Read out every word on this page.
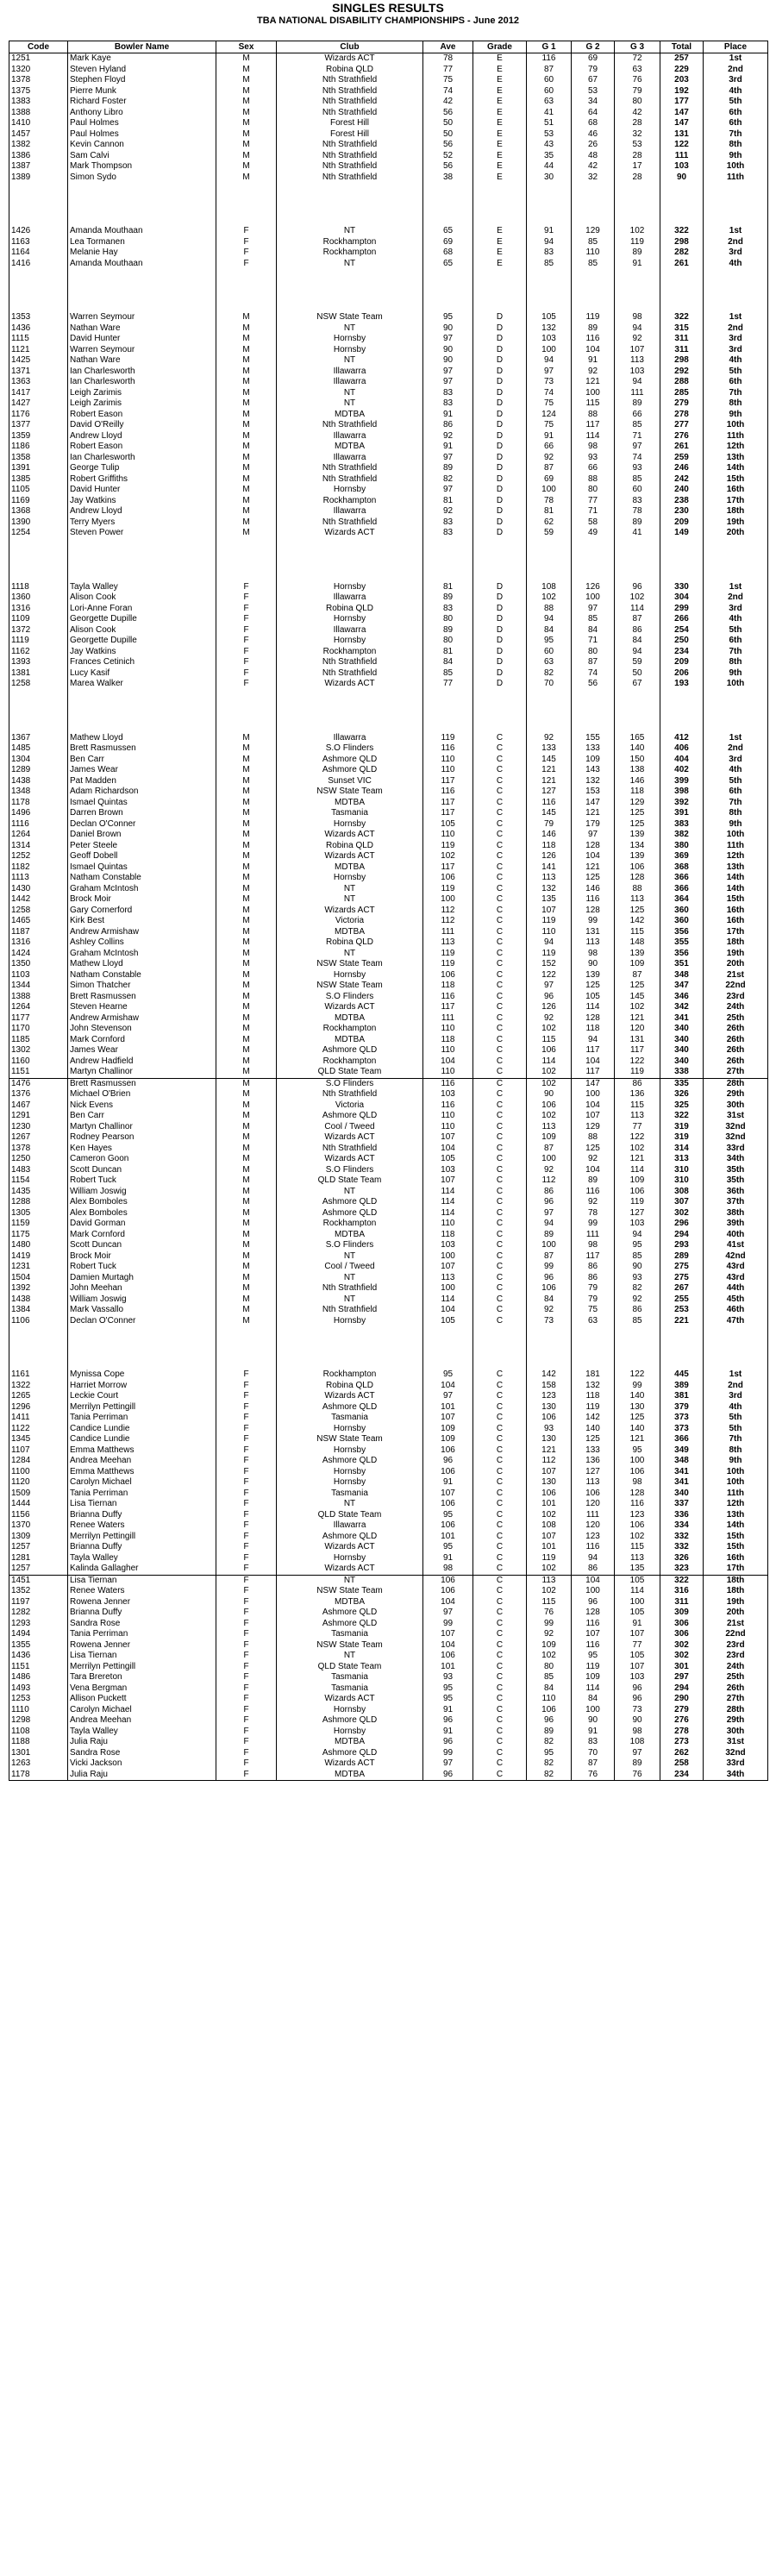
SINGLES RESULTS
TBA NATIONAL DISABILITY CHAMPIONSHIPS - June 2012
Code	Bowler Name	Sex	Club	Ave	Grade	G 1	G 2	G 3	Total	Place
1251	Mark Kaye	M	Wizards ACT	78	E	116	69	72	257	1st
1320	Steven Hyland	M	Robina QLD	77	E	87	79	63	229	2nd
1378	Stephen Floyd	M	Nth Strathfield	75	E	60	67	76	203	3rd
1375	Pierre Munk	M	Nth Strathfield	74	E	60	53	79	192	4th
1383	Richard Foster	M	Nth Strathfield	42	E	63	34	80	177	5th
1388	Anthony Libro	M	Nth Strathfield	56	E	41	64	42	147	6th
1410	Paul Holmes	M	Forest Hill	50	E	51	68	28	147	6th
1457	Paul Holmes	M	Forest Hill	50	E	53	46	32	131	7th
1382	Kevin Cannon	M	Nth Strathfield	56	E	43	26	53	122	8th
1386	Sam Calvi	M	Nth Strathfield	52	E	35	48	28	111	9th
1387	Mark Thompson	M	Nth Strathfield	56	E	44	42	17	103	10th
1389	Simon Sydo	M	Nth Strathfield	38	E	30	32	28	90	11th

1426	Amanda Mouthaan	F	NT	65	E	91	129	102	322	1st
1163	Lea Tormanen	F	Rockhampton	69	E	94	85	119	298	2nd
1164	Melanie Hay	F	Rockhampton	68	E	83	110	89	282	3rd
1416	Amanda Mouthaan	F	NT	65	E	85	85	91	261	4th

1353	Warren Seymour	M	NSW State Team	95	D	105	119	98	322	1st
1436	Nathan Ware	M	NT	90	D	132	89	94	315	2nd
1115	David Hunter	M	Hornsby	97	D	103	116	92	311	3rd
1121	Warren Seymour	M	Hornsby	90	D	100	104	107	311	3rd
1425	Nathan Ware	M	NT	90	D	94	91	113	298	4th
1371	Ian Charlesworth	M	Illawarra	97	D	97	92	103	292	5th
1363	Ian Charlesworth	M	Illawarra	97	D	73	121	94	288	6th
1417	Leigh Zarimis	M	NT	83	D	74	100	111	285	7th
1427	Leigh Zarimis	M	NT	83	D	75	115	89	279	8th
1176	Robert Eason	M	MDTBA	91	D	124	88	66	278	9th
1377	David O'Reilly	M	Nth Strathfield	86	D	75	117	85	277	10th
1359	Andrew Lloyd	M	Illawarra	92	D	91	114	71	276	11th
1186	Robert Eason	M	MDTBA	91	D	66	98	97	261	12th
1358	Ian Charlesworth	M	Illawarra	97	D	92	93	74	259	13th
1391	George Tulip	M	Nth Strathfield	89	D	87	66	93	246	14th
1385	Robert Griffiths	M	Nth Strathfield	82	D	69	88	85	242	15th
1105	David Hunter	M	Hornsby	97	D	100	80	60	240	16th
1169	Jay Watkins	M	Rockhampton	81	D	78	77	83	238	17th
1368	Andrew Lloyd	M	Illawarra	92	D	81	71	78	230	18th
1390	Terry Myers	M	Nth Strathfield	83	D	62	58	89	209	19th
1254	Steven Power	M	Wizards ACT	83	D	59	49	41	149	20th

1118	Tayla Walley	F	Hornsby	81	D	108	126	96	330	1st
1360	Alison Cook	F	Illawarra	89	D	102	100	102	304	2nd
1316	Lori-Anne Foran	F	Robina QLD	83	D	88	97	114	299	3rd
1109	Georgette Dupille	F	Hornsby	80	D	94	85	87	266	4th
1372	Alison Cook	F	Illawarra	89	D	84	84	86	254	5th
1119	Georgette Dupille	F	Hornsby	80	D	95	71	84	250	6th
1162	Jay Watkins	F	Rockhampton	81	D	60	80	94	234	7th
1393	Frances Cetinich	F	Nth Strathfield	84	D	63	87	59	209	8th
1381	Lucy Kasif	F	Nth Strathfield	85	D	82	74	50	206	9th
1258	Marea Walker	F	Wizards ACT	77	D	70	56	67	193	10th

1367	Mathew Lloyd	M	Illawarra	119	C	92	155	165	412	1st
1485	Brett Rasmussen	M	S.O Flinders	116	C	133	133	140	406	2nd
1304	Ben Carr	M	Ashmore QLD	110	C	145	109	150	404	3rd
1289	James Wear	M	Ashmore QLD	110	C	121	143	138	402	4th
1438	Pat Madden	M	Sunset VIC	117	C	121	132	146	399	5th
1348	Adam Richardson	M	NSW State Team	116	C	127	153	118	398	6th
1178	Ismael Quintas	M	MDTBA	117	C	116	147	129	392	7th
1496	Darren Brown	M	Tasmania	117	C	145	121	125	391	8th
1116	Declan O'Conner	M	Hornsby	105	C	79	179	125	383	9th
1264	Daniel Brown	M	Wizards ACT	110	C	146	97	139	382	10th
1314	Peter Steele	M	Robina QLD	119	C	118	128	134	380	11th
1252	Geoff Dobell	M	Wizards ACT	102	C	126	104	139	369	12th
1182	Ismael Quintas	M	MDTBA	117	C	141	121	106	368	13th
1113	Natham Constable	M	Hornsby	106	C	113	125	128	366	14th
1430	Graham McIntosh	M	NT	119	C	132	146	88	366	14th
1442	Brock Moir	M	NT	100	C	135	116	113	364	15th
1258	Gary Cornerford	M	Wizards ACT	112	C	107	128	125	360	16th
1465	Kirk Best	M	Victoria	112	C	119	99	142	360	16th
1187	Andrew Armishaw	M	MDTBA	111	C	110	131	115	356	17th
1316	Ashley Collins	M	Robina QLD	113	C	94	113	148	355	18th
1424	Graham McIntosh	M	NT	119	C	119	98	139	356	19th
1350	Mathew Lloyd	M	NSW State Team	119	C	152	90	109	351	20th
1103	Natham Constable	M	Hornsby	106	C	122	139	87	348	21st
1344	Simon Thatcher	M	NSW State Team	118	C	97	125	125	347	22nd
1388	Brett Rasmussen	M	S.O Flinders	116	C	96	105	145	346	23rd
1264	Steven Hearne	M	Wizards ACT	117	C	126	114	102	342	24th
1177	Andrew Armishaw	M	MDTBA	111	C	92	128	121	341	25th
1170	John Stevenson	M	Rockhampton	110	C	102	118	120	340	26th
1185	Mark Cornford	M	MDTBA	118	C	115	94	131	340	26th
1302	James Wear	M	Ashmore QLD	110	C	106	117	117	340	26th
1160	Andrew Hadfield	M	Rockhampton	104	C	114	104	122	340	26th
1151	Martyn Challinor	M	QLD State Team	110	C	102	117	119	338	27th
1476	Brett Rasmussen	M	S.O Flinders	116	C	102	147	86	335	28th
1376	Michael O'Brien	M	Nth Strathfield	103	C	90	100	136	326	29th
1467	Nick Evens	M	Victoria	116	C	106	104	115	325	30th
1291	Ben Carr	M	Ashmore QLD	110	C	102	107	113	322	31st
1230	Martyn Challinor	M	Cool / Tweed	110	C	113	129	77	319	32nd
1267	Rodney Pearson	M	Wizards ACT	107	C	109	88	122	319	32nd
1378	Ken Hayes	M	Nth Strathfield	104	C	87	125	102	314	33rd
1250	Cameron Goon	M	Wizards ACT	105	C	100	92	121	313	34th
1483	Scott Duncan	M	S.O Flinders	103	C	92	104	114	310	35th
1154	Robert Tuck	M	QLD State Team	107	C	112	89	109	310	35th
1435	William Joswig	M	NT	114	C	86	116	106	308	36th
1288	Alex Bomboles	M	Ashmore QLD	114	C	96	92	119	307	37th
1305	Alex Bomboles	M	Ashmore QLD	114	C	97	78	127	302	38th
1159	David Gorman	M	Rockhampton	110	C	94	99	103	296	39th
1175	Mark Cornford	M	MDTBA	118	C	89	111	94	294	40th
1480	Scott Duncan	M	S.O Flinders	103	C	100	98	95	293	41st
1419	Brock Moir	M	NT	100	C	87	117	85	289	42nd
1231	Robert Tuck	M	Cool / Tweed	107	C	99	86	90	275	43rd
1504	Damien Murtagh	M	NT	113	C	96	86	93	275	43rd
1392	John Meehan	M	Nth Strathfield	100	C	106	79	82	267	44th
1438	William Joswig	M	NT	114	C	84	79	92	255	45th
1384	Mark Vassallo	M	Nth Strathfield	104	C	92	75	86	253	46th
1106	Declan O'Conner	M	Hornsby	105	C	73	63	85	221	47th

1161	Mynissa Cope	F	Rockhampton	95	C	142	181	122	445	1st
1322	Harriet Morrow	F	Robina QLD	104	C	158	132	99	389	2nd
1265	Leckie Court	F	Wizards ACT	97	C	123	118	140	381	3rd
1296	Merrilyn Pettingill	F	Ashmore QLD	101	C	130	119	130	379	4th
1411	Tania Perriman	F	Tasmania	107	C	106	142	125	373	5th
1122	Candice Lundie	F	Hornsby	109	C	93	140	140	373	5th
1345	Candice Lundie	F	NSW State Team	109	C	130	125	121	366	7th
1107	Emma Matthews	F	Hornsby	106	C	121	133	95	349	8th
1284	Andrea Meehan	F	Ashmore QLD	96	C	112	136	100	348	9th
1100	Emma Matthews	F	Hornsby	106	C	107	127	106	341	10th
1120	Carolyn Michael	F	Hornsby	91	C	130	113	98	341	10th
1509	Tania Perriman	F	Tasmania	107	C	106	106	128	340	11th
1444	Lisa Tiernan	F	NT	106	C	101	120	116	337	12th
1156	Brianna Duffy	F	QLD State Team	95	C	102	111	123	336	13th
1370	Renee Waters	F	Illawarra	106	C	108	120	106	334	14th
1309	Merrilyn Pettingill	F	Ashmore QLD	101	C	107	123	102	332	15th
1257	Brianna Duffy	F	Wizards ACT	95	C	101	116	115	332	15th
1281	Tayla Walley	F	Hornsby	91	C	119	94	113	326	16th
1257	Kalinda Gallagher	F	Wizards ACT	98	C	102	86	135	323	17th
1451	Lisa Tiernan	F	NT	106	C	113	104	105	322	18th
1352	Renee Waters	F	NSW State Team	106	C	102	100	114	316	18th
1197	Rowena Jenner	F	MDTBA	104	C	115	96	100	311	19th
1282	Brianna Duffy	F	Ashmore QLD	97	C	76	128	105	309	20th
1293	Sandra Rose	F	Ashmore QLD	99	C	99	116	91	306	21st
1494	Tania Perriman	F	Tasmania	107	C	92	107	107	306	22nd
1355	Rowena Jenner	F	NSW State Team	104	C	109	116	77	302	23rd
1436	Lisa Tiernan	F	NT	106	C	102	95	105	302	23rd
1151	Merrilyn Pettingill	F	QLD State Team	101	C	80	119	107	301	24th
1486	Tara Brereton	F	Tasmania	93	C	85	109	103	297	25th
1493	Vena Bergman	F	Tasmania	95	C	84	114	96	294	26th
1253	Allison Puckett	F	Wizards ACT	95	C	110	84	96	290	27th
1110	Carolyn Michael	F	Hornsby	91	C	106	100	73	279	28th
1298	Andrea Meehan	F	Ashmore QLD	96	C	96	90	90	276	29th
1108	Tayla Walley	F	Hornsby	91	C	89	91	98	278	30th
1188	Julia Raju	F	MDTBA	96	C	82	83	108	273	31st
1301	Sandra Rose	F	Ashmore QLD	99	C	95	70	97	262	32nd
1263	Vicki Jackson	F	Wizards ACT	97	C	82	87	89	258	33rd
1178	Julia Raju	F	MDTBA	96	C	82	76	76	234	34th
